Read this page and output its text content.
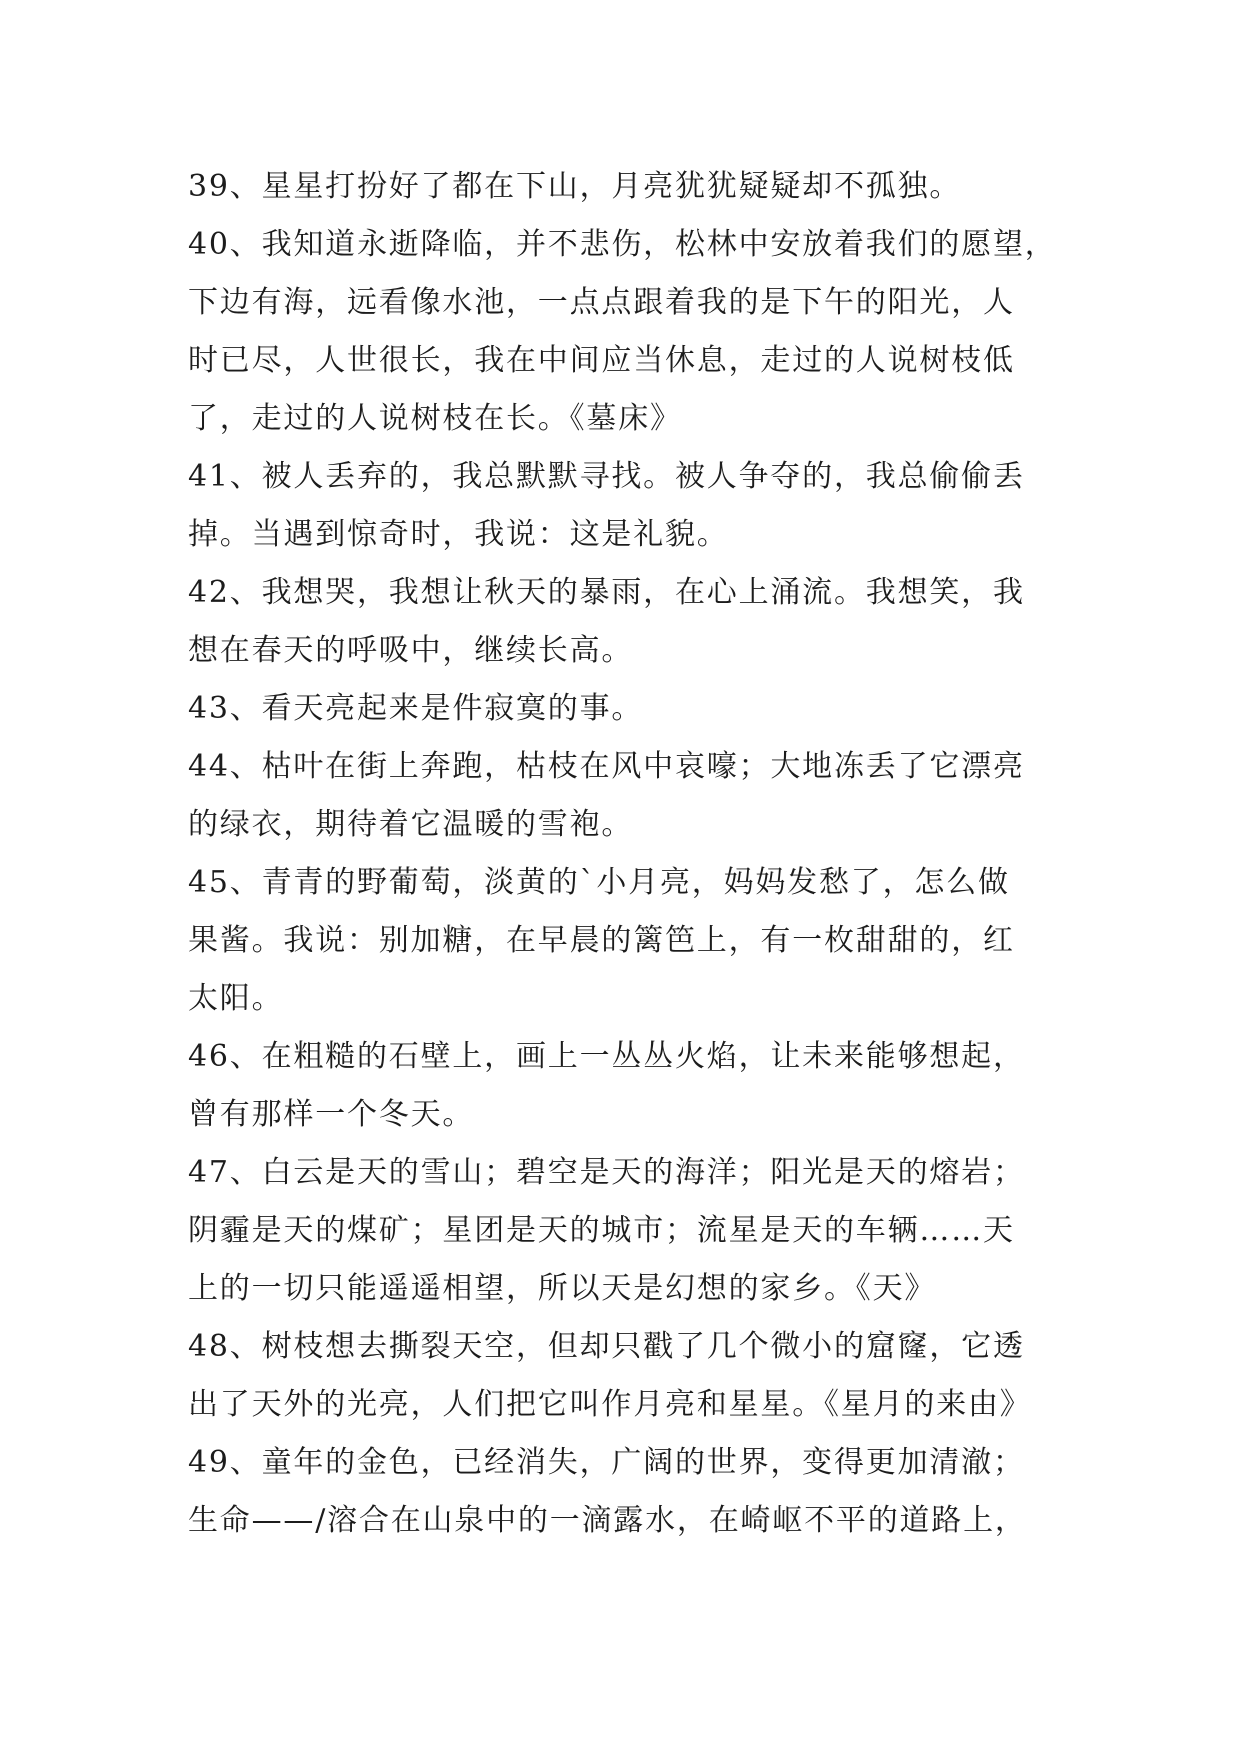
39、星星打扮好了都在下山，月亮犹犹疑疑却不孤独。
40、我知道永逝降临，并不悲伤，松林中安放着我们的愿望，
下边有海，远看像水池，一点点跟着我的是下午的阳光，人
时已尽，人世很长，我在中间应当休息，走过的人说树枝低
了，走过的人说树枝在长。《墓床》
41、被人丢弃的，我总默默寻找。被人争夺的，我总偷偷丢
掉。当遇到惊奇时，我说：这是礼貌。
42、我想哭，我想让秋天的暴雨，在心上涌流。我想笑，我
想在春天的呼吸中，继续长高。
43、看天亮起来是件寂寞的事。
44、枯叶在街上奔跑，枯枝在风中哀嚎；大地冻丢了它漂亮
的绿衣，期待着它温暖的雪袍。
45、青青的野葡萄，淡黄的`小月亮，妈妈发愁了，怎么做
果酱。我说：别加糖，在早晨的篱笆上，有一枚甜甜的，红
太阳。
46、在粗糙的石壁上，画上一丛丛火焰，让未来能够想起，
曾有那样一个冬天。
47、白云是天的雪山；碧空是天的海洋；阳光是天的熔岩；
阴霾是天的煤矿；星团是天的城市；流星是天的车辆……天
上的一切只能遥遥相望，所以天是幻想的家乡。《天》
48、树枝想去撕裂天空，但却只戳了几个微小的窟窿，它透
出了天外的光亮，人们把它叫作月亮和星星。《星月的来由》
49、童年的金色，已经消失，广阔的世界，变得更加清澈；
生命——/溶合在山泉中的一滴露水，在崎岖不平的道路上，
